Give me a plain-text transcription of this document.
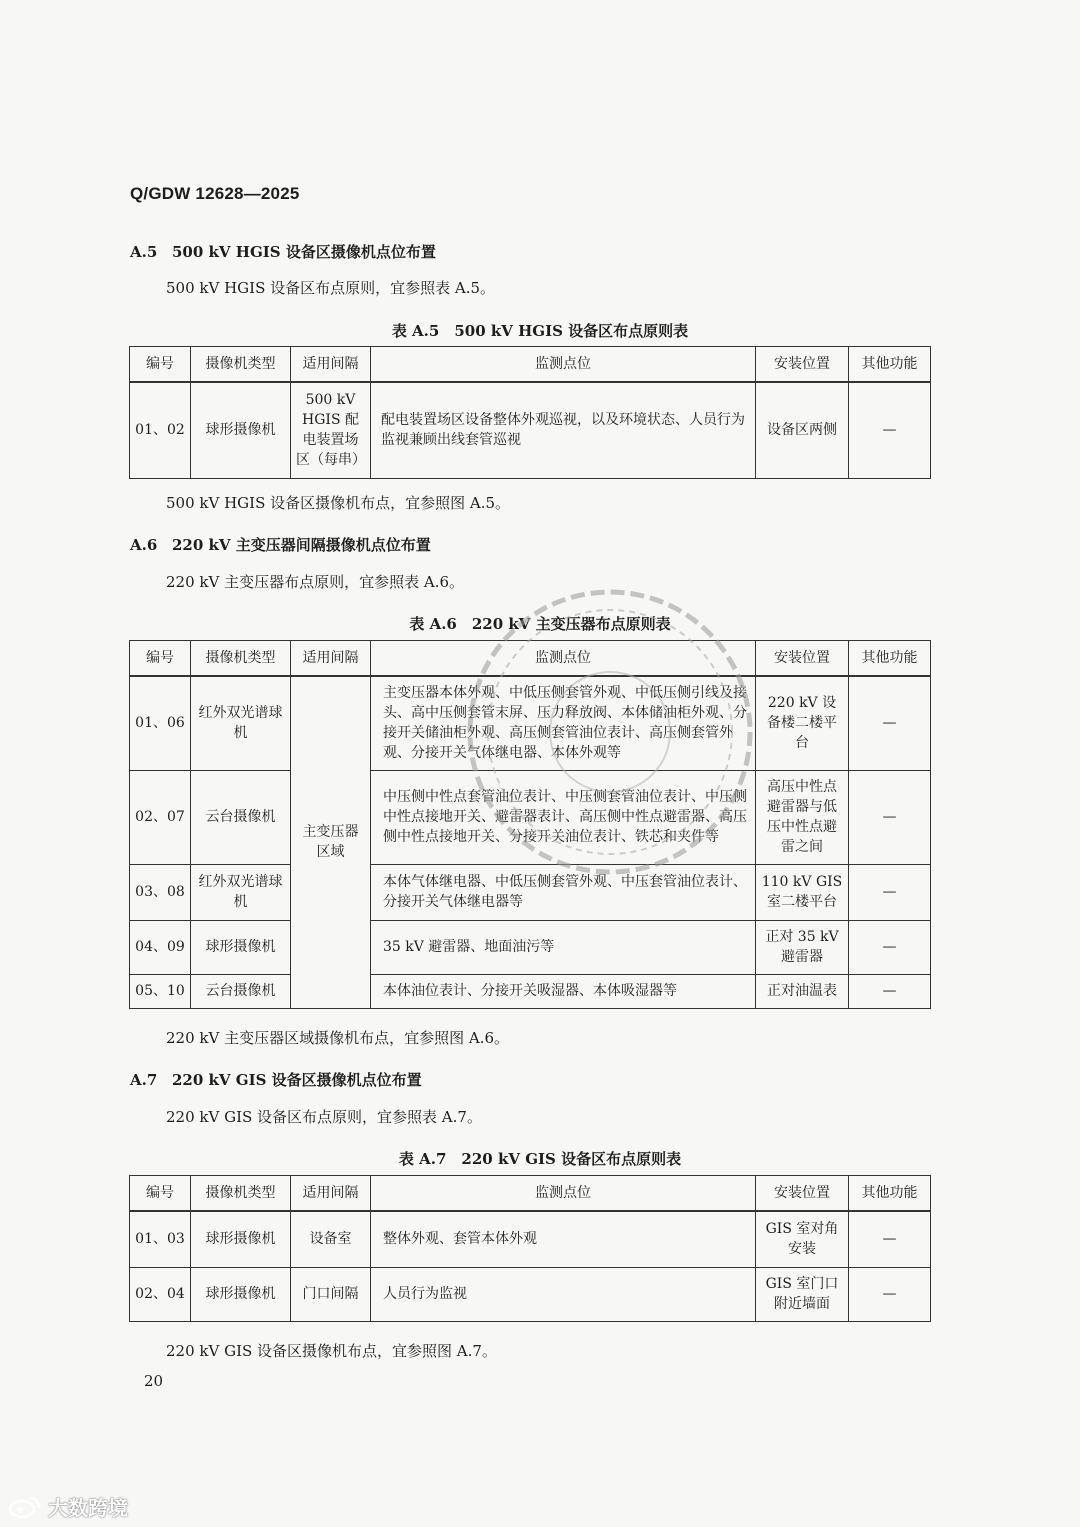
Q/GDW 12628—2025
A.5 500 kV HGIS 设备区摄像机点位布置
500 kV HGIS 设备区布点原则，宜参照表 A.5。
表 A.5　500 kV HGIS 设备区布点原则表
编号	摄像机类型	适用间隔	监测点位	安装位置	其他功能
01、02	球形摄像机	500 kV HGIS 配电装置场区（每串）	配电装置场区设备整体外观巡视，以及环境状态、人员行为监视兼顾出线套管巡视	设备区两侧	—
500 kV HGIS 设备区摄像机布点，宜参照图 A.5。
A.6 220 kV 主变压器间隔摄像机点位布置
220 kV 主变压器布点原则，宜参照表 A.6。
表 A.6　220 kV 主变压器布点原则表
编号	摄像机类型	适用间隔	监测点位	安装位置	其他功能
01、06	红外双光谱球机	主变压器区域	主变压器本体外观、中低压侧套管外观、中低压侧引线及接头、高中压侧套管末屏、压力释放阀、本体储油柜外观、分接开关储油柜外观、高压侧套管油位表计、高压侧套管外观、分接开关气体继电器、本体外观等	220 kV 设备楼二楼平台	—
02、07	云台摄像机		中压侧中性点套管油位表计、中压侧套管油位表计、中压侧中性点接地开关、避雷器表计、高压侧中性点避雷器、高压侧中性点接地开关、分接开关油位表计、铁芯和夹件等	高压中性点避雷器与低压中性点避雷之间	—
03、08	红外双光谱球机		本体气体继电器、中低压侧套管外观、中压套管油位表计、分接开关气体继电器等	110 kV GIS 室二楼平台	—
04、09	球形摄像机		35 kV 避雷器、地面油污等	正对 35 kV 避雷器	—
05、10	云台摄像机		本体油位表计、分接开关吸湿器、本体吸湿器等	正对油温表	—
220 kV 主变压器区域摄像机布点，宜参照图 A.6。
A.7 220 kV GIS 设备区摄像机点位布置
220 kV GIS 设备区布点原则，宜参照表 A.7。
表 A.7　220 kV GIS 设备区布点原则表
编号	摄像机类型	适用间隔	监测点位	安装位置	其他功能
01、03	球形摄像机	设备室	整体外观、套管本体外观	GIS 室对角安装	—
02、04	球形摄像机	门口间隔	人员行为监视	GIS 室门口附近墙面	—
220 kV GIS 设备区摄像机布点，宜参照图 A.7。
20
大数跨境
